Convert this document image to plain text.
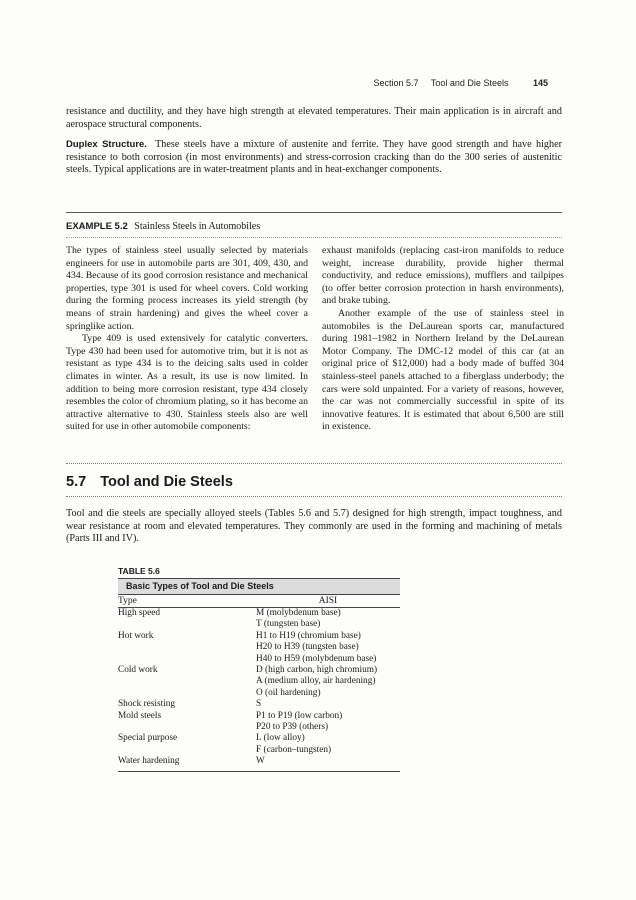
Section 5.7 Tool and Die Steels	145
resistance and ductility, and they have high strength at elevated temperatures. Their main application is in aircraft and aerospace structural components.
Duplex Structure. These steels have a mixture of austenite and ferrite. They have good strength and have higher resistance to both corrosion (in most environments) and stress-corrosion cracking than do the 300 series of austenitic steels. Typical applications are in water-treatment plants and in heat-exchanger components.
EXAMPLE 5.2 Stainless Steels in Automobiles

The types of stainless steel usually selected by materials engineers for use in automobile parts are 301, 409, 430, and 434. Because of its good corrosion resistance and mechanical properties, type 301 is used for wheel covers. Cold working during the forming process increases its yield strength (by means of strain hardening) and gives the wheel cover a springlike action.

Type 409 is used extensively for catalytic converters. Type 430 had been used for automotive trim, but it is not as resistant as type 434 is to the deicing salts used in colder climates in winter. As a result, its use is now limited. In addition to being more corrosion resistant, type 434 closely resembles the color of chromium plating, so it has become an attractive alternative to 430. Stainless steels also are well suited for use in other automobile components:

exhaust manifolds (replacing cast-iron manifolds to reduce weight, increase durability, provide higher thermal conductivity, and reduce emissions), mufflers and tailpipes (to offer better corrosion protection in harsh environments), and brake tubing.

Another example of the use of stainless steel in automobiles is the DeLaurean sports car, manufactured during 1981–1982 in Northern Ireland by the DeLaurean Motor Company. The DMC-12 model of this car (at an original price of $12,000) had a body made of buffed 304 stainless-steel panels attached to a fiberglass underbody; the cars were sold unpainted. For a variety of reasons, however, the car was not commercially successful in spite of its innovative features. It is estimated that about 6,500 are still in existence.

5.7 Tool and Die Steels
Tool and die steels are specially alloyed steels (Tables 5.6 and 5.7) designed for high strength, impact toughness, and wear resistance at room and elevated temperatures. They commonly are used in the forming and machining of metals (Parts III and IV).
TABLE 5.6
Basic Types of Tool and Die Steels
Type	AISI
High speed	M (molybdenum base)
T (tungsten base)
Hot work	H1 to H19 (chromium base)
H20 to H39 (tungsten base)
H40 to H59 (molybdenum base)
Cold work	D (high carbon, high chromium)
A (medium alloy, air hardening)
O (oil hardening)
Shock resisting	S
Mold steels	P1 to P19 (low carbon)
P20 to P39 (others)
Special purpose	L (low alloy)
F (carbon–tungsten)
Water hardening	W
